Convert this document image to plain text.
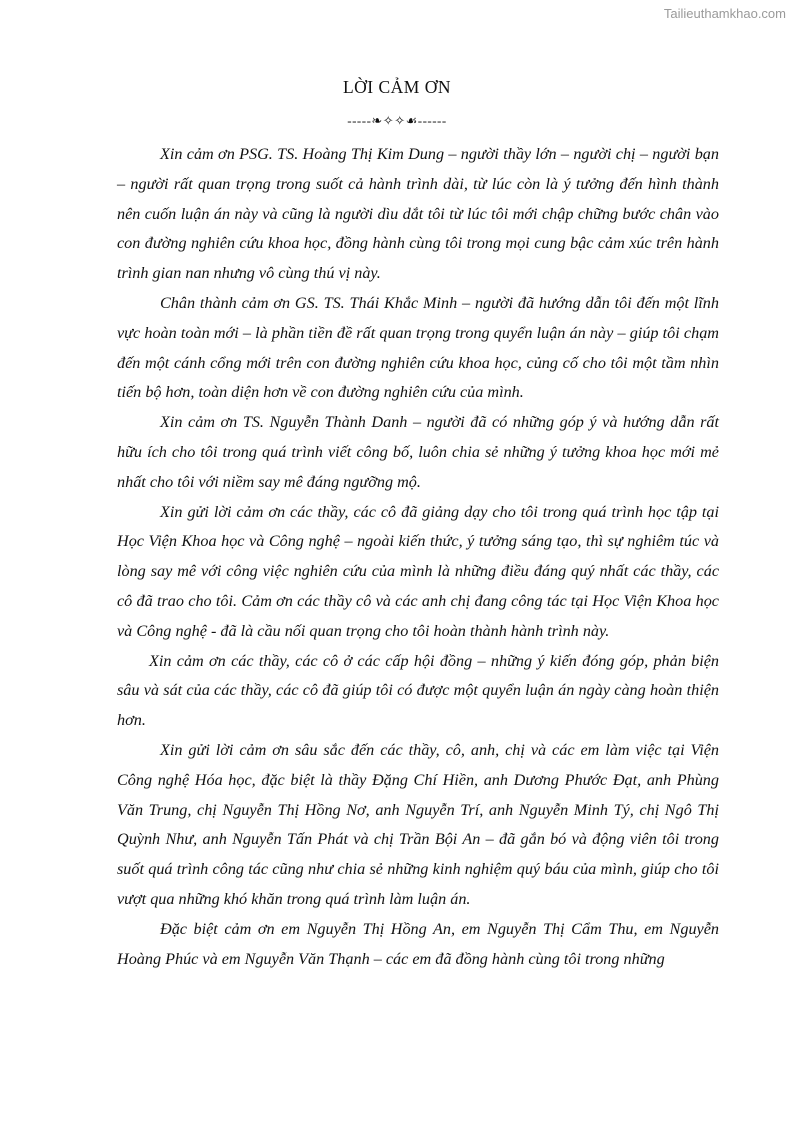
Tailieuthamkhao.com
LỜI CẢM ƠN
-----❧✧✧☙------

Xin cảm ơn PSG. TS. Hoàng Thị Kim Dung – người thầy lớn – người chị – người bạn – người rất quan trọng trong suốt cả hành trình dài, từ lúc còn là ý tưởng đến hình thành nên cuốn luận án này và cũng là người dìu dắt tôi từ lúc tôi mới chập chững bước chân vào con đường nghiên cứu khoa học, đồng hành cùng tôi trong mọi cung bậc cảm xúc trên hành trình gian nan nhưng vô cùng thú vị này.

Chân thành cảm ơn GS. TS. Thái Khắc Minh – người đã hướng dẫn tôi đến một lĩnh vực hoàn toàn mới – là phần tiền đề rất quan trọng trong quyển luận án này – giúp tôi chạm đến một cánh cổng mới trên con đường nghiên cứu khoa học, củng cố cho tôi một tầm nhìn tiến bộ hơn, toàn diện hơn về con đường nghiên cứu của mình.

Xin cảm ơn TS. Nguyễn Thành Danh – người đã có những góp ý và hướng dẫn rất hữu ích cho tôi trong quá trình viết công bố, luôn chia sẻ những ý tưởng khoa học mới mẻ nhất cho tôi với niềm say mê đáng ngưỡng mộ.

Xin gửi lời cảm ơn các thầy, các cô đã giảng dạy cho tôi trong quá trình học tập tại Học Viện Khoa học và Công nghệ – ngoài kiến thức, ý tưởng sáng tạo, thì sự nghiêm túc và lòng say mê với công việc nghiên cứu của mình là những điều đáng quý nhất các thầy, các cô đã trao cho tôi. Cảm ơn các thầy cô và các anh chị đang công tác tại Học Viện Khoa học và Công nghệ - đã là cầu nối quan trọng cho tôi hoàn thành hành trình này.

Xin cảm ơn các thầy, các cô ở các cấp hội đồng – những ý kiến đóng góp, phản biện sâu và sát của các thầy, các cô đã giúp tôi có được một quyển luận án ngày càng hoàn thiện hơn.

Xin gửi lời cảm ơn sâu sắc đến các thầy, cô, anh, chị và các em làm việc tại Viện Công nghệ Hóa học, đặc biệt là thầy Đặng Chí Hiền, anh Dương Phước Đạt, anh Phùng Văn Trung, chị Nguyễn Thị Hồng Nơ, anh Nguyễn Trí, anh Nguyễn Minh Tý, chị Ngô Thị Quỳnh Như, anh Nguyễn Tấn Phát và chị Trần Bội An – đã gắn bó và động viên tôi trong suốt quá trình công tác cũng như chia sẻ những kinh nghiệm quý báu của mình, giúp cho tôi vượt qua những khó khăn trong quá trình làm luận án.

Đặc biệt cảm ơn em Nguyễn Thị Hồng An, em Nguyễn Thị Cẩm Thu, em Nguyễn Hoàng Phúc và em Nguyễn Văn Thạnh – các em đã đồng hành cùng tôi trong những
